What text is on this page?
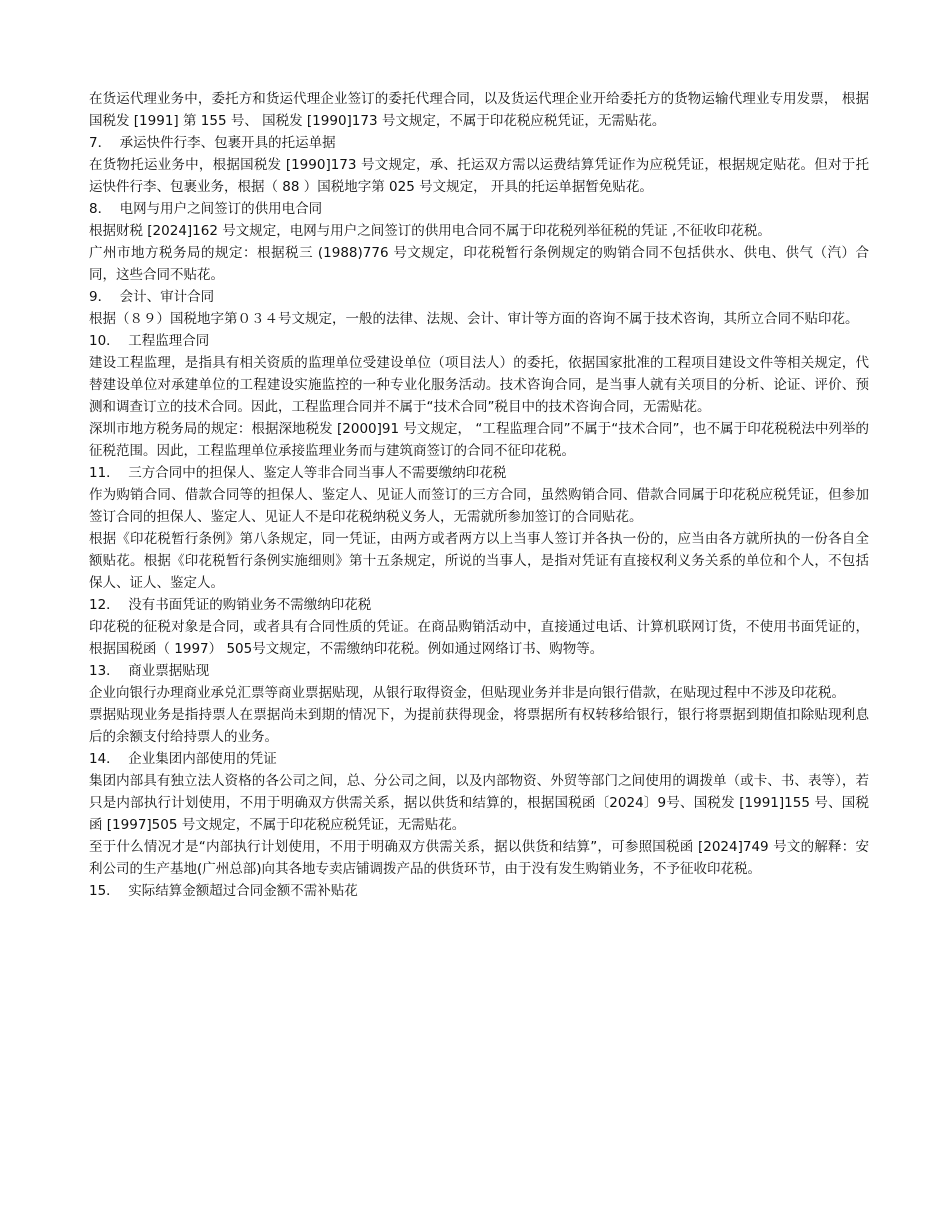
在货运代理业务中，委托方和货运代理企业签订的委托代理合同，以及货运代理企业开给委托方的货物运输代理业专用发票， 根据国税发 [1991] 第 155 号、 国税发 [1990]173 号文规定，不属于印花税应税凭证，无需贴花。

7．  承运快件行李、包裹开具的托运单据

在货物托运业务中，根据国税发 [1990]173 号文规定，承、托运双方需以运费结算凭证作为应税凭证，根据规定贴花。但对于托运快件行李、包裹业务，根据（ 88 ）国税地字第 025 号文规定， 开具的托运单据暂免贴花。

8．  电网与用户之间签订的供用电合同

根据财税 [2024]162 号文规定，电网与用户之间签订的供用电合同不属于印花税列举征税的凭证 ,不征收印花税。

广州市地方税务局的规定：根据税三 (1988)776 号文规定，印花税暂行条例规定的购销合同不包括供水、供电、供气（汽）合同，这些合同不贴花。

9．  会计、审计合同

根据（８９）国税地字第０３４号文规定，一般的法律、法规、会计、审计等方面的咨询不属于技术咨询，其所立合同不贴印花。

10．  工程监理合同

建设工程监理，是指具有相关资质的监理单位受建设单位（项目法人）的委托，依据国家批准的工程项目建设文件等相关规定，代替建设单位对承建单位的工程建设实施监控的一种专业化服务活动。技术咨询合同，是当事人就有关项目的分析、论证、评价、预测和调查订立的技术合同。因此，工程监理合同并不属于“技术合同”税目中的技术咨询合同，无需贴花。

深圳市地方税务局的规定：根据深地税发 [2000]91 号文规定， “工程监理合同”不属于“技术合同”，也不属于印花税税法中列举的征税范围。因此，工程监理单位承接监理业务而与建筑商签订的合同不征印花税。

11．  三方合同中的担保人、鉴定人等非合同当事人不需要缴纳印花税

作为购销合同、借款合同等的担保人、鉴定人、见证人而签订的三方合同，虽然购销合同、借款合同属于印花税应税凭证，但参加签订合同的担保人、鉴定人、见证人不是印花税纳税义务人，无需就所参加签订的合同贴花。

根据《印花税暂行条例》第八条规定，同一凭证，由两方或者两方以上当事人签订并各执一份的，应当由各方就所执的一份各自全额贴花。根据《印花税暂行条例实施细则》第十五条规定，所说的当事人，是指对凭证有直接权利义务关系的单位和个人，不包括保人、证人、鉴定人。

12．  没有书面凭证的购销业务不需缴纳印花税

印花税的征税对象是合同，或者具有合同性质的凭证。在商品购销活动中，直接通过电话、计算机联网订货，不使用书面凭证的，根据国税函（ 1997） 505号文规定，不需缴纳印花税。例如通过网络订书、购物等。

13．  商业票据贴现

企业向银行办理商业承兑汇票等商业票据贴现，从银行取得资金，但贴现业务并非是向银行借款，在贴现过程中不涉及印花税。

票据贴现业务是指持票人在票据尚未到期的情况下，为提前获得现金，将票据所有权转移给银行，银行将票据到期值扣除贴现利息后的余额支付给持票人的业务。

14．  企业集团内部使用的凭证

集团内部具有独立法人资格的各公司之间，总、分公司之间，以及内部物资、外贸等部门之间使用的调拨单（或卡、书、表等），若只是内部执行计划使用，不用于明确双方供需关系，据以供货和结算的，根据国税函〔2024〕9号、国税发 [1991]155 号、国税函 [1997]505 号文规定，不属于印花税应税凭证，无需贴花。

至于什么情况才是“内部执行计划使用，不用于明确双方供需关系，据以供货和结算”，可参照国税函 [2024]749 号文的解释：安利公司的生产基地(广州总部)向其各地专卖店铺调拨产品的供货环节，由于没有发生购销业务，不予征收印花税。

15．  实际结算金额超过合同金额不需补贴花
